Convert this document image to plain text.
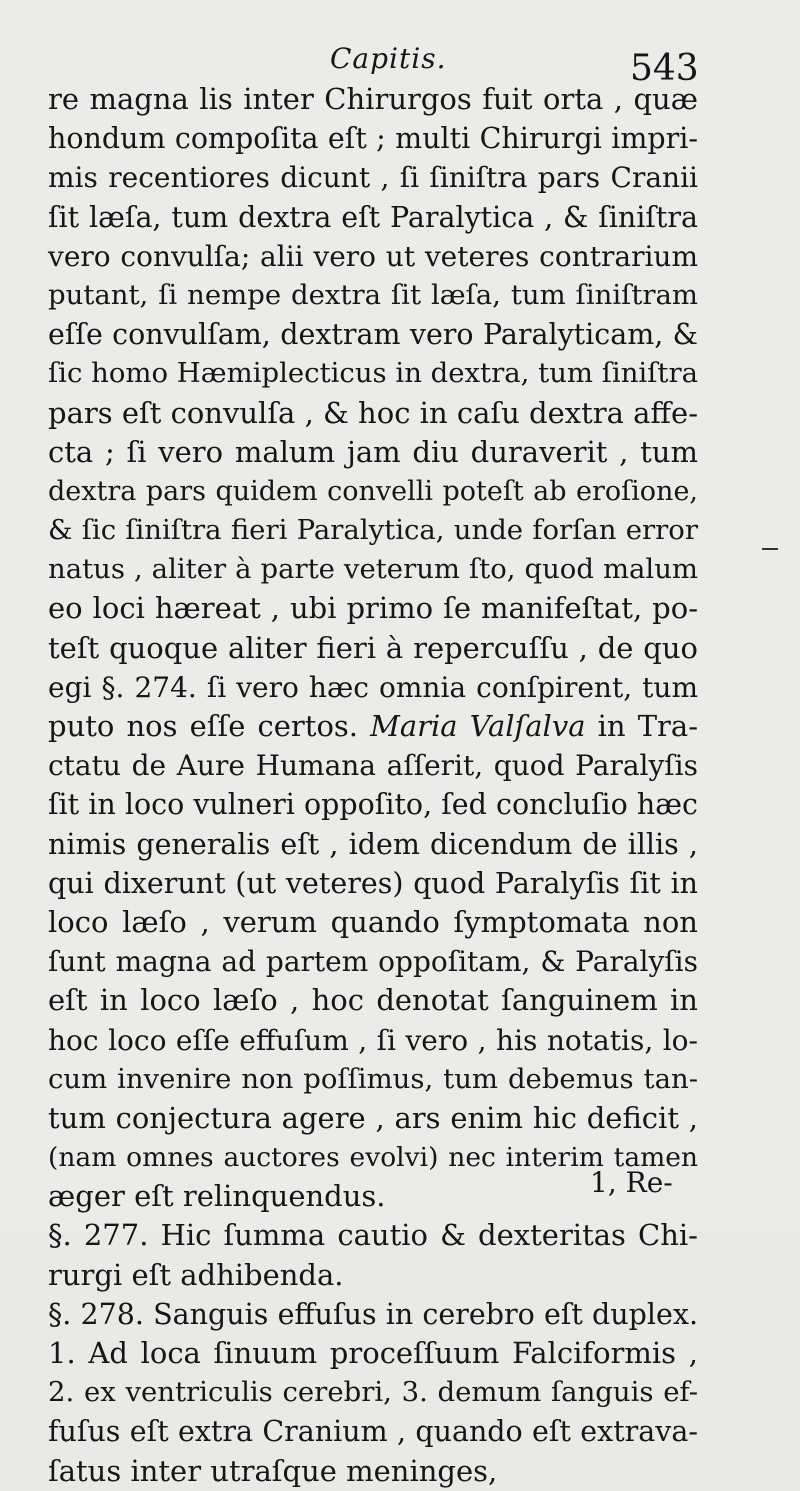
Capitis.	543
re magna lis inter Chirurgos fuit orta , quæ
hondum compoſita eſt ; multi Chirurgi impri-
mis recentiores dicunt , ſi ſiniſtra pars Cranii
ſit læſa, tum dextra eſt Paralytica , & ſiniſtra
vero convulſa; alii vero ut veteres contrarium
putant, ſi nempe dextra ſit læſa, tum ſiniſtram
eſſe convulſam, dextram vero Paralyticam, &
ſic homo Hæmiplecticus in dextra, tum ſiniſtra
pars eſt convulſa , & hoc in caſu dextra affe-
cta ; ſi vero malum jam diu duraverit , tum
dextra pars quidem convelli poteſt ab eroſione,
& ſic ſiniſtra fieri Paralytica, unde forſan error
natus , aliter à parte veterum ſto, quod malum
eo loci hæreat , ubi primo ſe manifeſtat, po-
teſt quoque aliter fieri à repercuſſu , de quo
egi §. 274. ſi vero hæc omnia conſpirent, tum
puto nos eſſe certos. Maria Valſalva in Tra-
ctatu de Aure Humana aſſerit, quod Paralyſis
ſit in loco vulneri oppoſito, ſed concluſio hæc
nimis generalis eſt , idem dicendum de illis ,
qui dixerunt (ut veteres) quod Paralyſis ſit in
loco læſo , verum quando ſymptomata non
ſunt magna ad partem oppoſitam, & Paralyſis
eſt in loco læſo , hoc denotat ſanguinem in
hoc loco eſſe effuſum , ſi vero , his notatis, lo-
cum invenire non poſſimus, tum debemus tan-
tum conjectura agere , ars enim hic deficit ,
(nam omnes auctores evolvi) nec interim tamen
æger eſt relinquendus.
§. 277. Hic ſumma cautio & dexteritas Chi-
rurgi eſt adhibenda.
§. 278. Sanguis effuſus in cerebro eſt duplex.
1. Ad loca ſinuum proceſſuum Falciformis ,
2. ex ventriculis cerebri, 3. demum ſanguis ef-
fuſus eſt extra Cranium , quando eſt extrava-
ſatus inter utraſque meninges,
1, Re-
